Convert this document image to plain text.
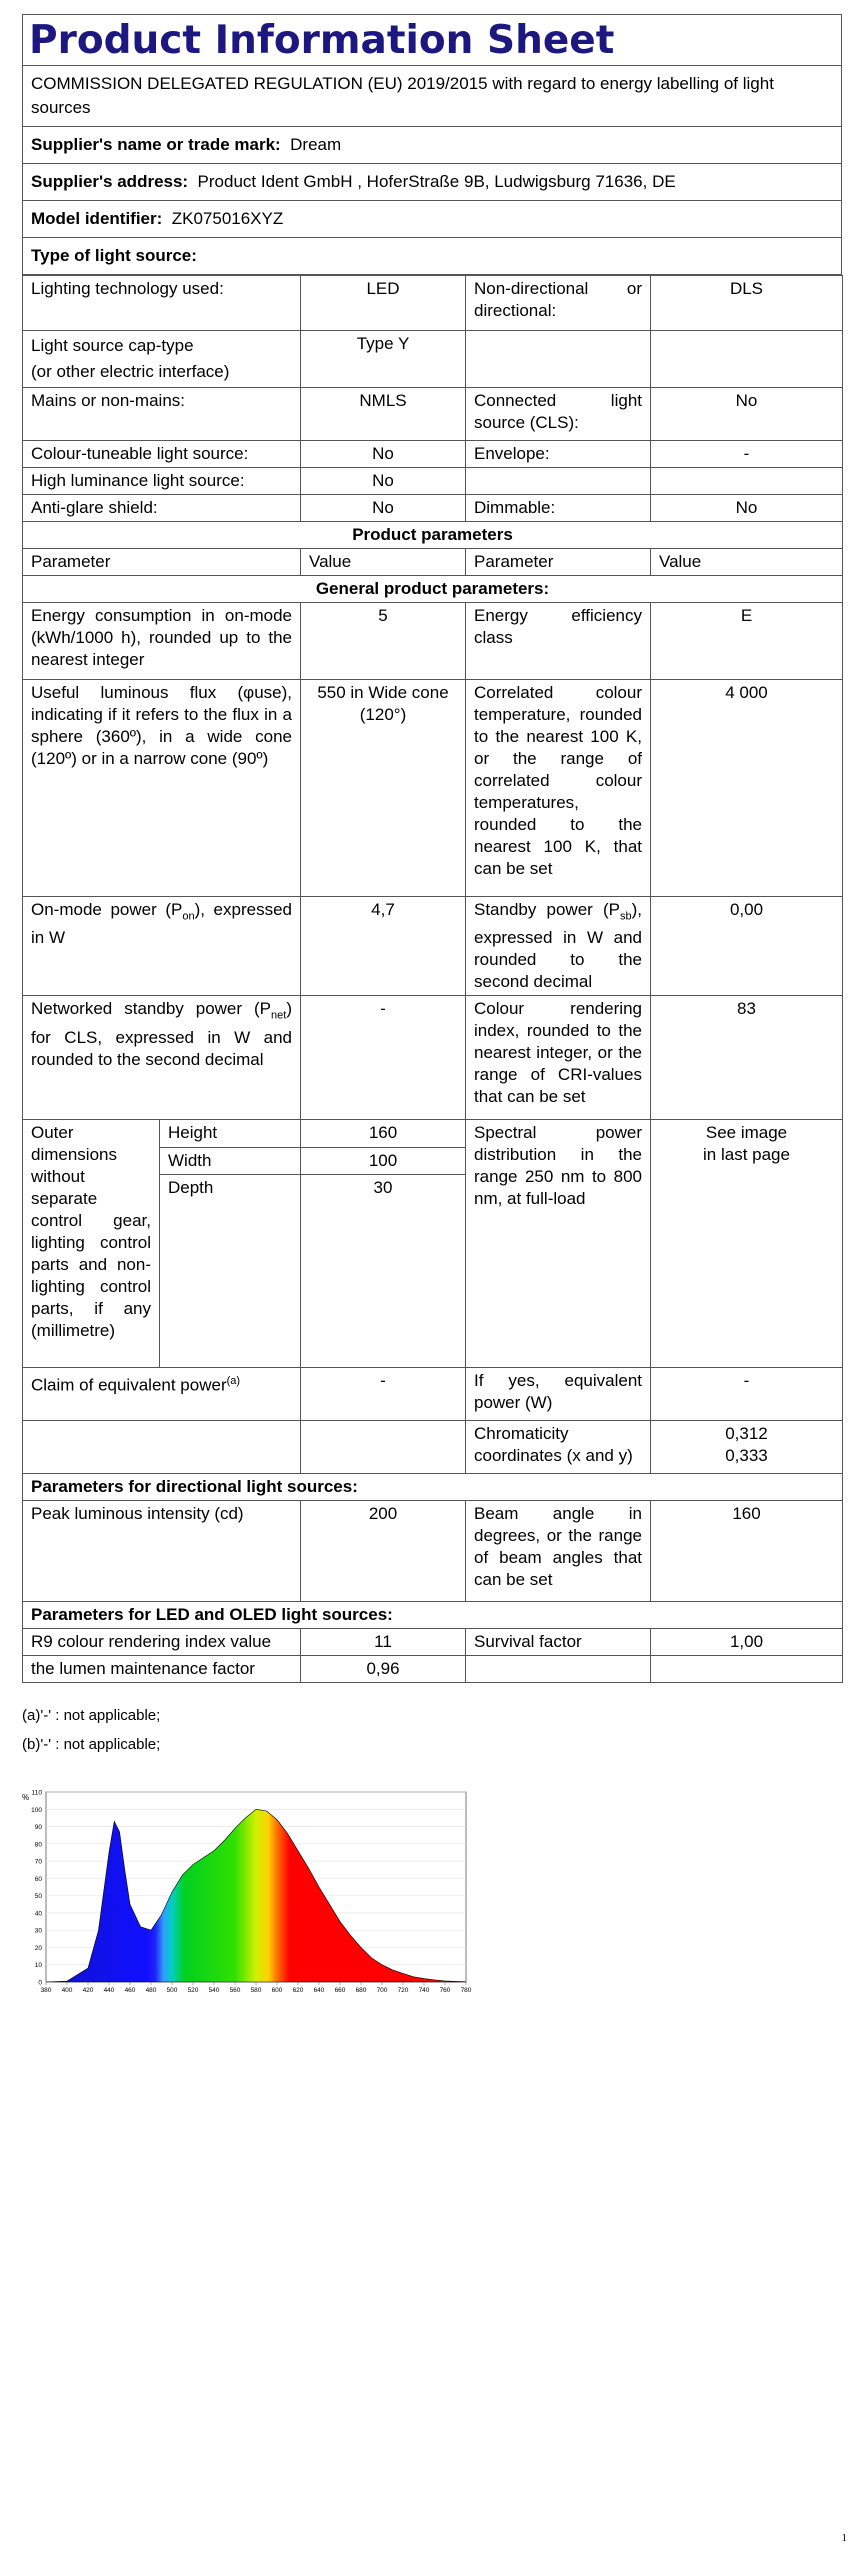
Product Information Sheet
COMMISSION DELEGATED REGULATION (EU) 2019/2015 with regard to energy labelling of light sources
Supplier's name or trade mark: Dream
Supplier's address: Product Ident GmbH , HoferStraße 9B, Ludwigsburg 71636, DE
Model identifier: ZK075016XYZ
Type of light source:
Lighting technology used:		LED	Non-directional or directional:	DLS
Light source cap-type
(or other electric interface)		Type Y		
Mains or non-mains:		NMLS	Connected light source (CLS):	No
Colour-tuneable light source:		No	Envelope:	-
High luminance light source:		No		
Anti-glare shield:		No	Dimmable:	No
Product parameters				
Parameter		Value	Parameter	Value
General product parameters:				
Energy consumption in on-mode (kWh/1000 h), rounded up to the nearest integer		5	Energy efficiency class	E
Useful luminous flux (φuse), indicating if it refers to the flux in a sphere (360º), in a wide cone (120º) or in a narrow cone (90º)		550 in Wide cone (120°)	Correlated colour temperature, rounded to the nearest 100 K, or the range of correlated colour temperatures, rounded to the nearest 100 K, that can be set	4 000
On-mode power $(P_{on})$, expressed in W		4,7	Standby power $(P_{sb})$, expressed in W and rounded to the second decimal	0,00
Networked standby power $(P_{net})$ for CLS, expressed in W and rounded to the second decimal		-	Colour rendering index, rounded to the nearest integer, or the range of CRI-values that can be set	83
Outer dimensions without separate control gear, lighting control parts and non-lighting control parts, if any (millimetre)	Height	160	Spectral power distribution in the range 250 nm to 800 nm, at full-load	See image
in last page
	Width	100		
	Depth	30		
Claim of equivalent power$^{(a)}$		-	If yes, equivalent power (W)	-
			Chromaticity coordinates (x and y)	0,312
0,333
Parameters for directional light sources:				
Peak luminous intensity (cd)		200	Beam angle in degrees, or the range of beam angles that can be set	160
Parameters for LED and OLED light sources:				
R9 colour rendering index value		11	Survival factor	1,00
the lumen maintenance factor		0,96		
$^{(a)}$'-' : not applicable;
$^{(b)}$'-' : not applicable;
380 400 420 440 460 480 500 520 540 560 580 600 620 640 660 680 700 720 740 760 780
0
10
20
30
40
50
60
70
80
90
100
110
%
1
